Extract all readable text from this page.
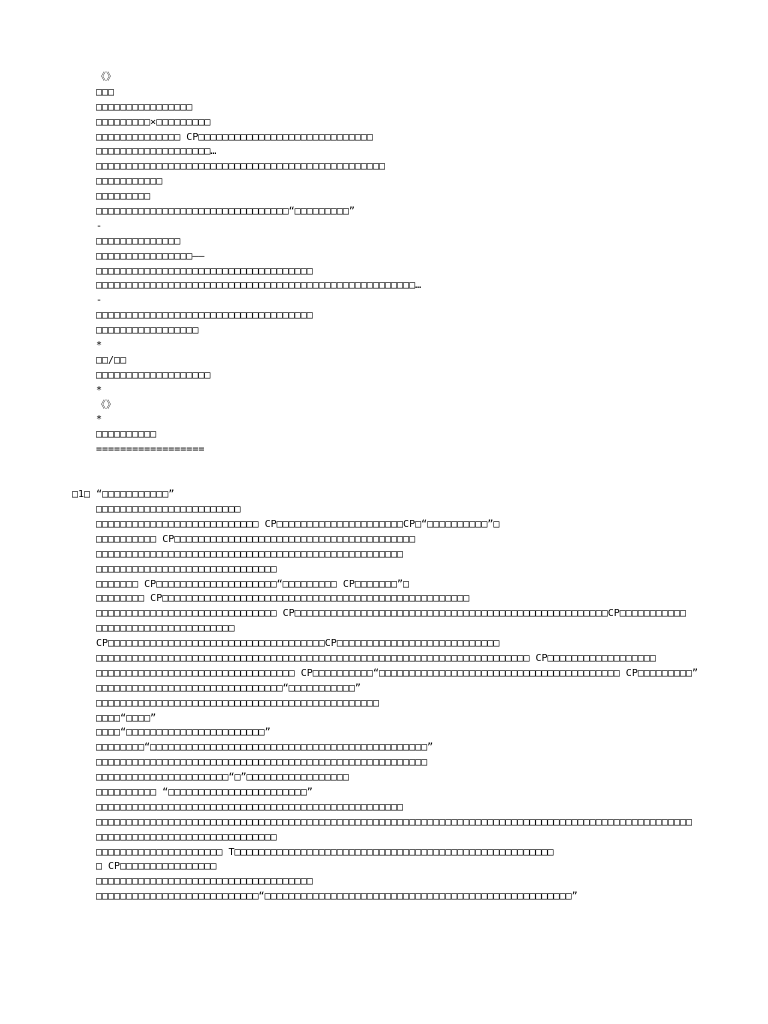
《》
□□□
□□□□□□□□□□□□□□□□
□□□□□□□□□×□□□□□□□□□
□□□□□□□□□□□□□□ CP□□□□□□□□□□□□□□□□□□□□□□□□□□□□□
□□□□□□□□□□□□□□□□□□□…
□□□□□□□□□□□□□□□□□□□□□□□□□□□□□□□□□□□□□□□□□□□□□□□□
□□□□□□□□□□□
□□□□□□□□□
□□□□□□□□□□□□□□□□□□□□□□□□□□□□□□□□“□□□□□□□□□”
-
□□□□□□□□□□□□□□
□□□□□□□□□□□□□□□□——
□□□□□□□□□□□□□□□□□□□□□□□□□□□□□□□□□□□□
□□□□□□□□□□□□□□□□□□□□□□□□□□□□□□□□□□□□□□□□□□□□□□□□□□□□□…
-
□□□□□□□□□□□□□□□□□□□□□□□□□□□□□□□□□□□□
□□□□□□□□□□□□□□□□□
*
□□/□□
□□□□□□□□□□□□□□□□□□□
*
《》
*
□□□□□□□□□□
==================
□1□ “□□□□□□□□□□□”
□□□□□□□□□□□□□□□□□□□□□□□□
□□□□□□□□□□□□□□□□□□□□□□□□□□□ CP□□□□□□□□□□□□□□□□□□□□□CP□“□□□□□□□□□□”□
□□□□□□□□□□ CP□□□□□□□□□□□□□□□□□□□□□□□□□□□□□□□□□□□□□□□□
□□□□□□□□□□□□□□□□□□□□□□□□□□□□□□□□□□□□□□□□□□□□□□□□□□□
□□□□□□□□□□□□□□□□□□□□□□□□□□□□□□
□□□□□□□ CP□□□□□□□□□□□□□□□□□□□□“□□□□□□□□□ CP□□□□□□□”□
□□□□□□□□ CP□□□□□□□□□□□□□□□□□□□□□□□□□□□□□□□□□□□□□□□□□□□□□□□□□□□
□□□□□□□□□□□□□□□□□□□□□□□□□□□□□□ CP□□□□□□□□□□□□□□□□□□□□□□□□□□□□□□□□□□□□□□□□□□□□□□□□□□□□CP□□□□□□□□□□□
□□□□□□□□□□□□□□□□□□□□□□□
CP□□□□□□□□□□□□□□□□□□□□□□□□□□□□□□□□□□□□CP□□□□□□□□□□□□□□□□□□□□□□□□□□□
□□□□□□□□□□□□□□□□□□□□□□□□□□□□□□□□□□□□□□□□□□□□□□□□□□□□□□□□□□□□□□□□□□□□□□□□ CP□□□□□□□□□□□□□□□□□□
□□□□□□□□□□□□□□□□□□□□□□□□□□□□□□□□□ CP□□□□□□□□□□“□□□□□□□□□□□□□□□□□□□□□□□□□□□□□□□□□□□□□□□□ CP□□□□□□□□□”
□□□□□□□□□□□□□□□□□□□□□□□□□□□□□□□“□□□□□□□□□□□”
□□□□□□□□□□□□□□□□□□□□□□□□□□□□□□□□□□□□□□□□□□□□□□□
□□□□“□□□□”
□□□□“□□□□□□□□□□□□□□□□□□□□□□□”
□□□□□□□□“□□□□□□□□□□□□□□□□□□□□□□□□□□□□□□□□□□□□□□□□□□□□□□”
□□□□□□□□□□□□□□□□□□□□□□□□□□□□□□□□□□□□□□□□□□□□□□□□□□□□□□□
□□□□□□□□□□□□□□□□□□□□□□“□”□□□□□□□□□□□□□□□□□
□□□□□□□□□□ “□□□□□□□□□□□□□□□□□□□□□□□”
□□□□□□□□□□□□□□□□□□□□□□□□□□□□□□□□□□□□□□□□□□□□□□□□□□□
□□□□□□□□□□□□□□□□□□□□□□□□□□□□□□□□□□□□□□□□□□□□□□□□□□□□□□□□□□□□□□□□□□□□□□□□□□□□□□□□□□□□□□□□□□□□□□□□□□□
□□□□□□□□□□□□□□□□□□□□□□□□□□□□□□
□□□□□□□□□□□□□□□□□□□□□ T□□□□□□□□□□□□□□□□□□□□□□□□□□□□□□□□□□□□□□□□□□□□□□□□□□□□□
□ CP□□□□□□□□□□□□□□□□
□□□□□□□□□□□□□□□□□□□□□□□□□□□□□□□□□□□□
□□□□□□□□□□□□□□□□□□□□□□□□□□□“□□□□□□□□□□□□□□□□□□□□□□□□□□□□□□□□□□□□□□□□□□□□□□□□□□□”
